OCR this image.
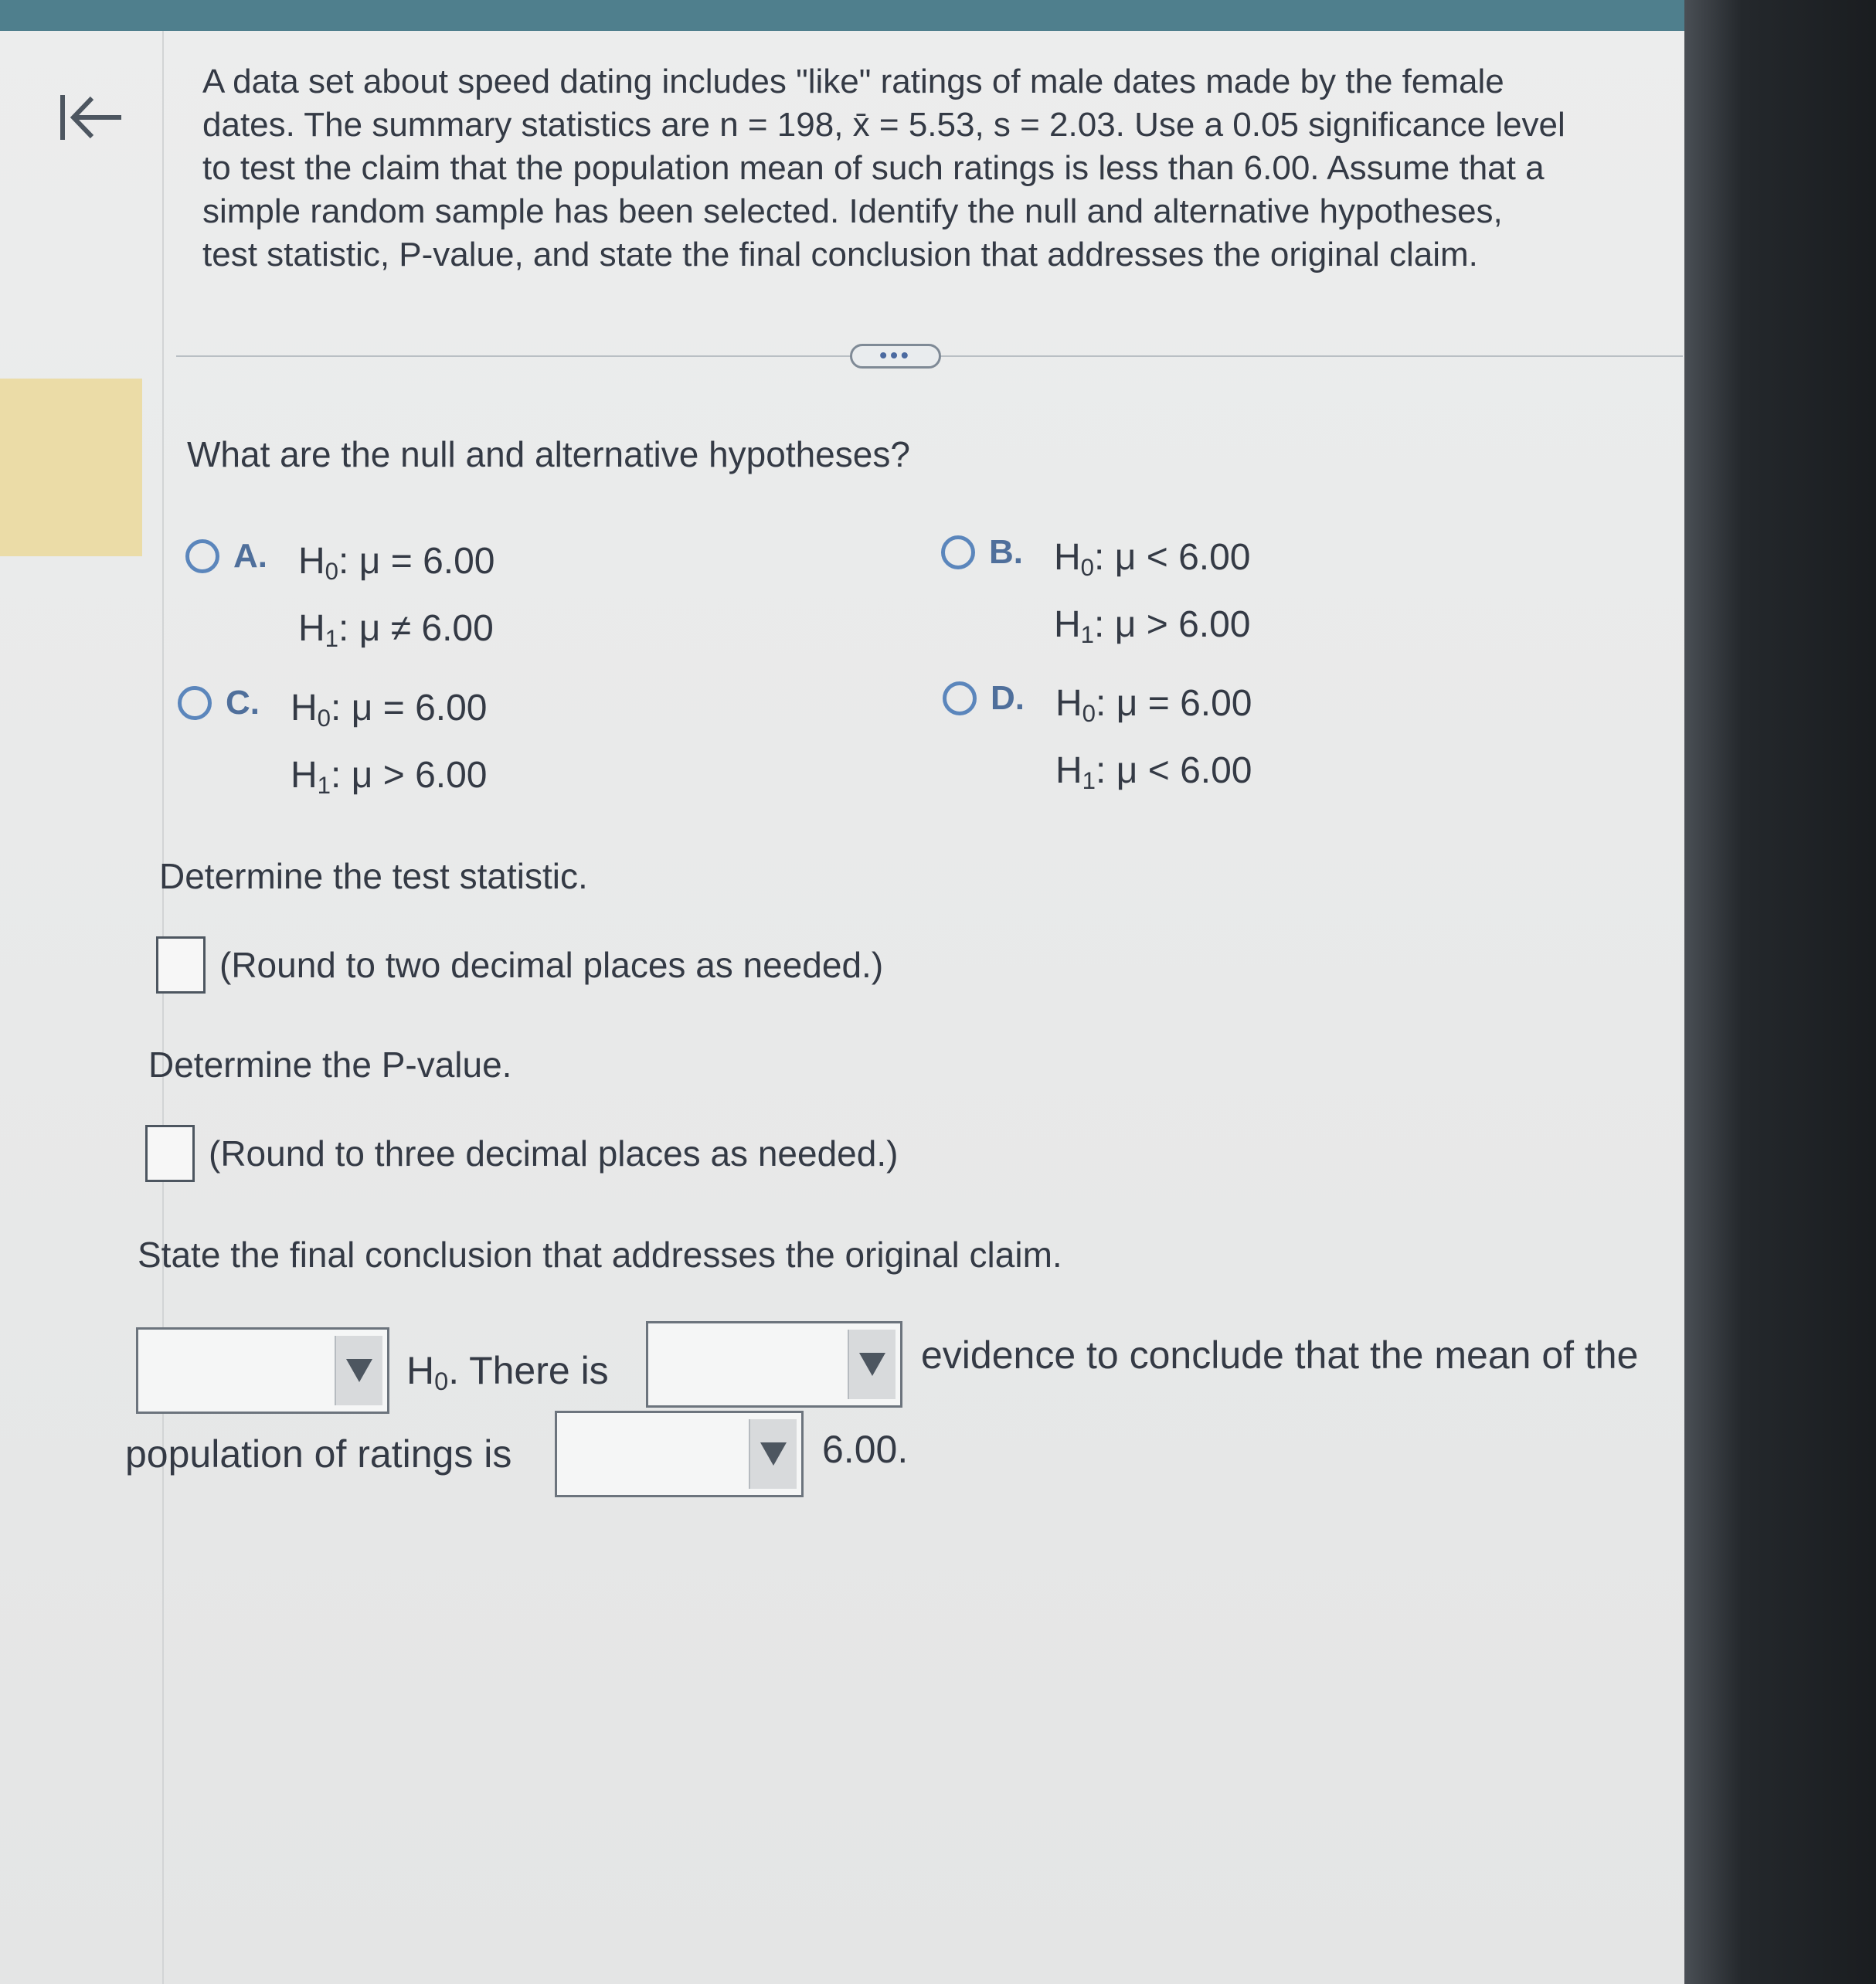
A data set about speed dating includes "like" ratings of male dates made by the female

dates. The summary statistics are n = 198, x̄ = 5.53, s = 2.03. Use a 0.05 significance level

to test the claim that the population mean of such ratings is less than 6.00. Assume that a

simple random sample has been selected. Identify the null and alternative hypotheses,

test statistic, P-value, and state the final conclusion that addresses the original claim.

•••
What are the null and alternative hypotheses?
A. $H_0$: μ = 6.00
$H_1$: μ ≠ 6.00
B. $H_0$: μ < 6.00
$H_1$: μ > 6.00
C. $H_0$: μ = 6.00
$H_1$: μ > 6.00
D. $H_0$: μ = 6.00
$H_1$: μ < 6.00
Determine the test statistic.
(Round to two decimal places as needed.)
Determine the P-value.
(Round to three decimal places as needed.)
State the final conclusion that addresses the original claim.
$H_0$. There is	evidence to conclude that the mean of the
population of ratings is	6.00.
